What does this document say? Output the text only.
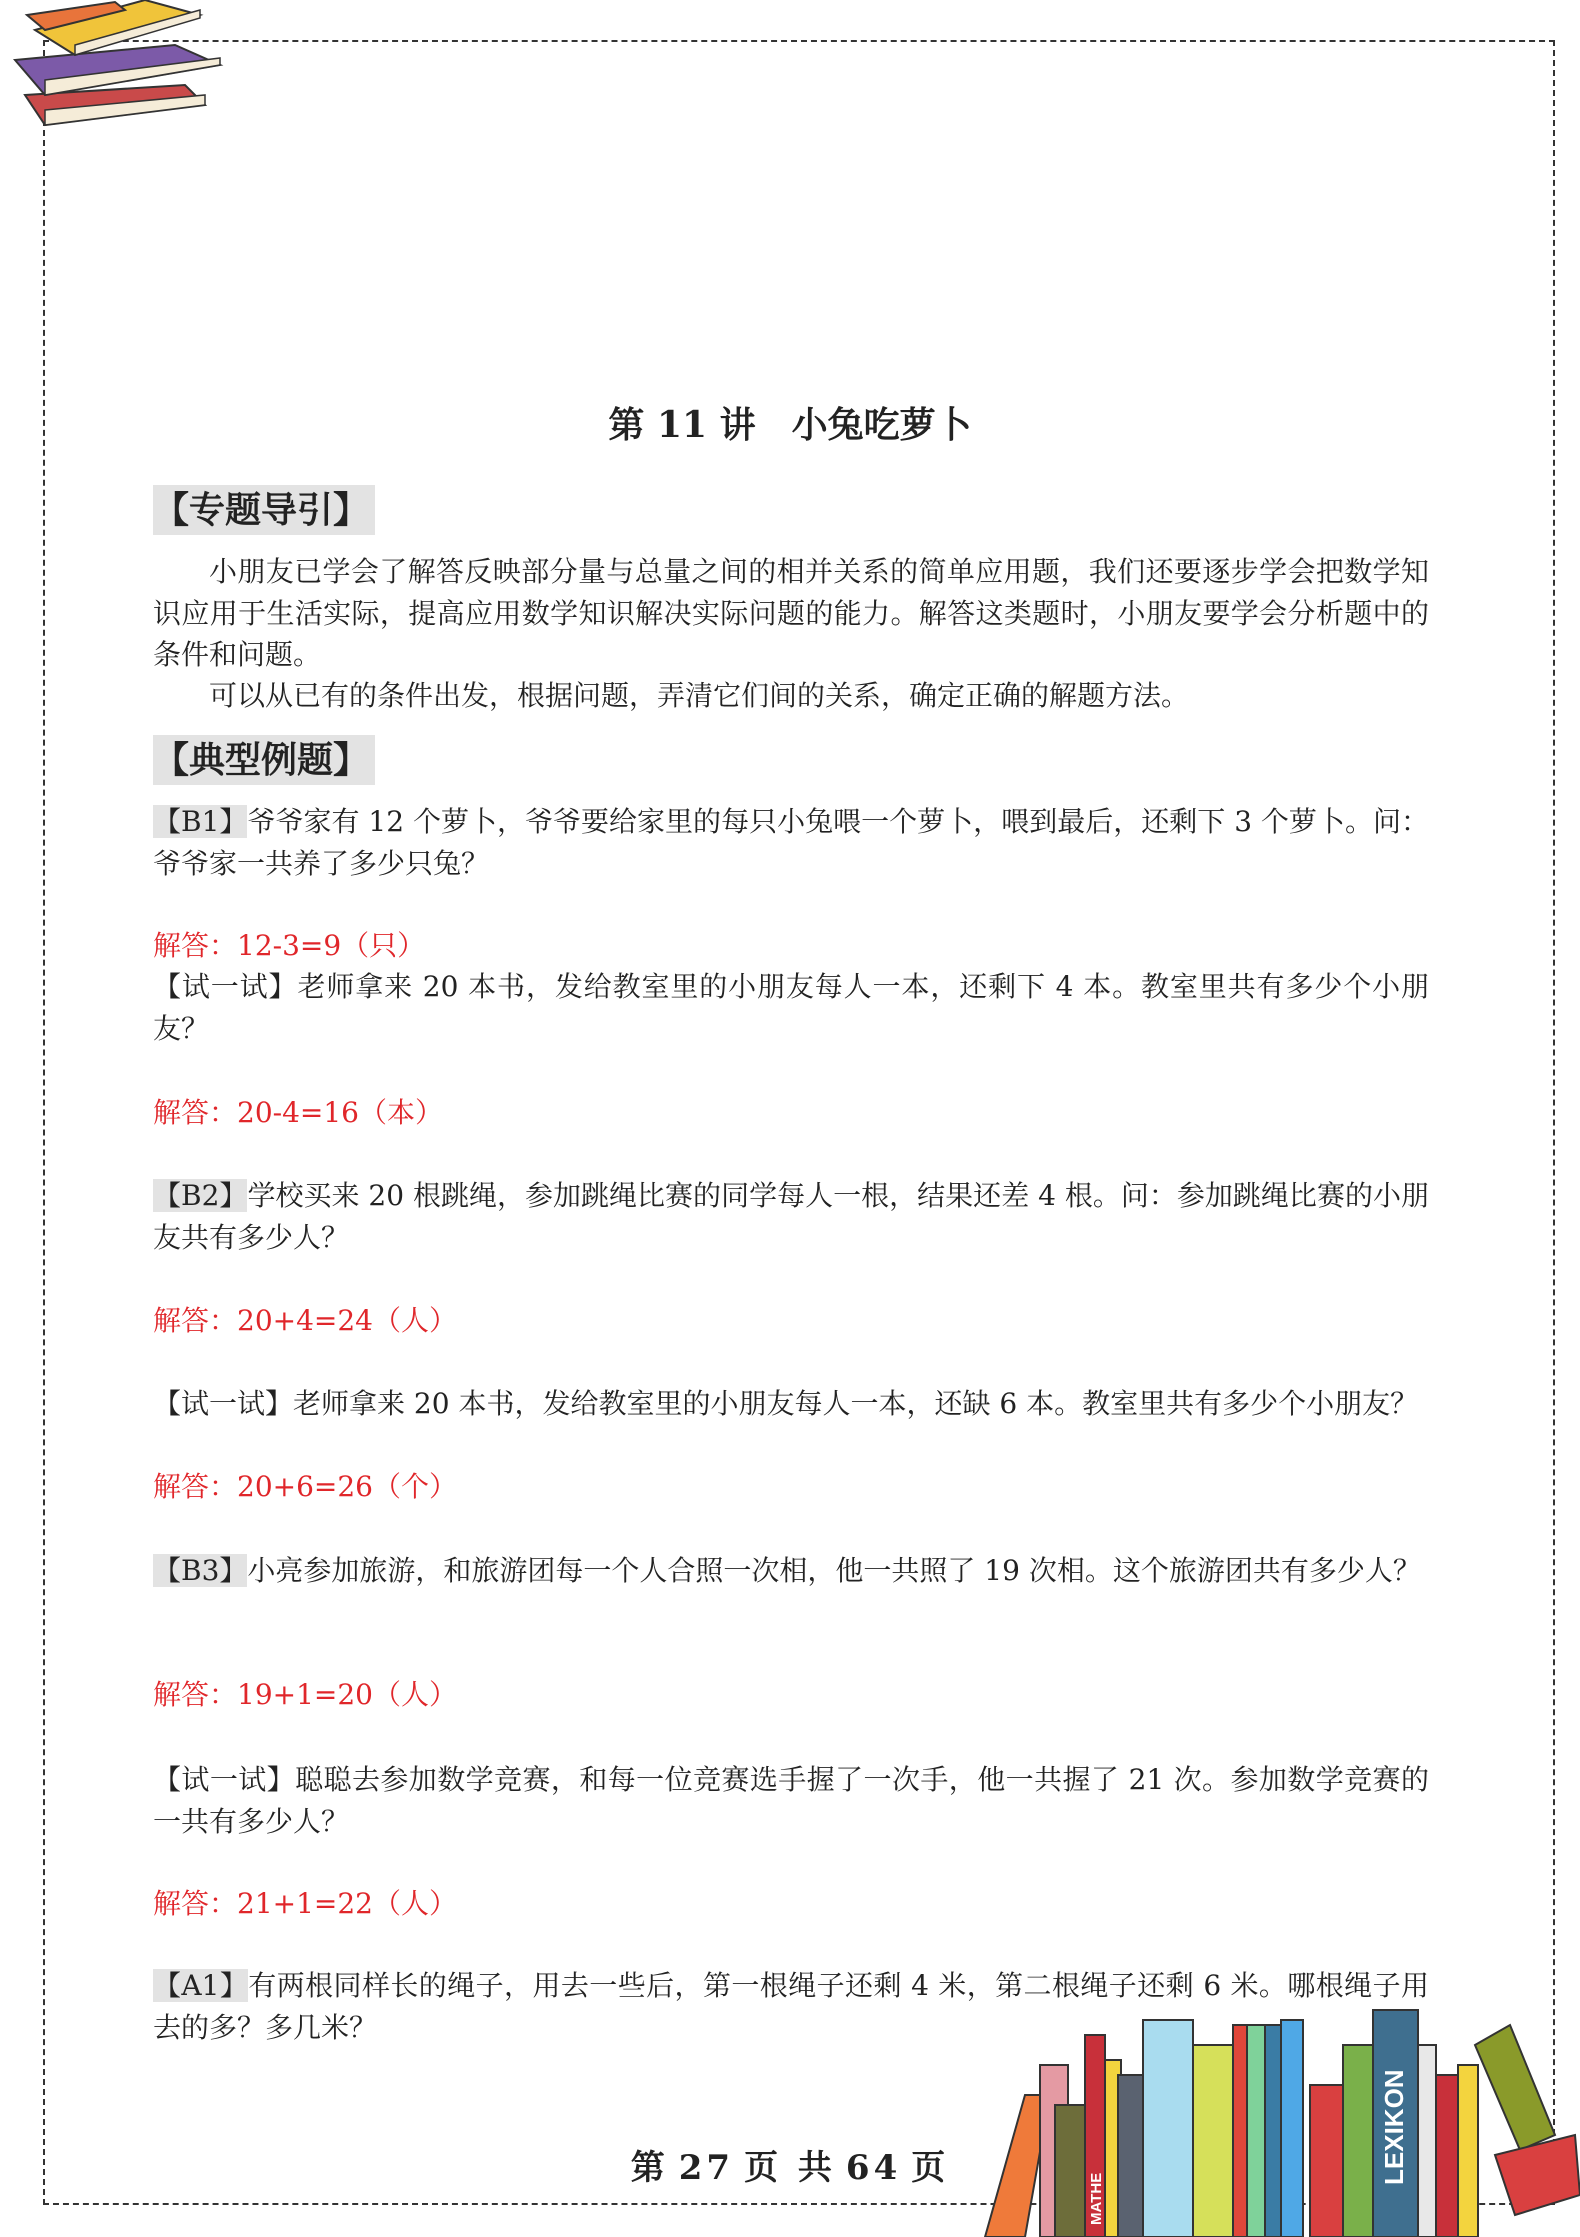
LEXIKON
MATHE
第 11 讲 小兔吃萝卜
【专题导引】
小朋友已学会了解答反映部分量与总量之间的相并关系的简单应用题，我们还要逐步学会把数学知识应用于生活实际，提高应用数学知识解决实际问题的能力。解答这类题时，小朋友要学会分析题中的条件和问题。
可以从已有的条件出发，根据问题，弄清它们间的关系，确定正确的解题方法。
【典型例题】
【B1】爷爷家有 12 个萝卜，爷爷要给家里的每只小兔喂一个萝卜，喂到最后，还剩下 3 个萝卜。问：爷爷家一共养了多少只兔？
解答：12-3=9（只）
【试一试】老师拿来 20 本书，发给教室里的小朋友每人一本，还剩下 4 本。教室里共有多少个小朋友？
解答：20-4=16（本）
【B2】学校买来 20 根跳绳，参加跳绳比赛的同学每人一根，结果还差 4 根。问：参加跳绳比赛的小朋友共有多少人？
解答：20+4=24（人）
【试一试】老师拿来 20 本书，发给教室里的小朋友每人一本，还缺 6 本。教室里共有多少个小朋友？
解答：20+6=26（个）
【B3】小亮参加旅游，和旅游团每一个人合照一次相，他一共照了 19 次相。这个旅游团共有多少人？
解答：19+1=20（人）
【试一试】聪聪去参加数学竞赛，和每一位竞赛选手握了一次手，他一共握了 21 次。参加数学竞赛的一共有多少人？
解答：21+1=22（人）
【A1】有两根同样长的绳子，用去一些后，第一根绳子还剩 4 米，第二根绳子还剩 6 米。哪根绳子用去的多？多几米？
第 27 页 共 64 页
